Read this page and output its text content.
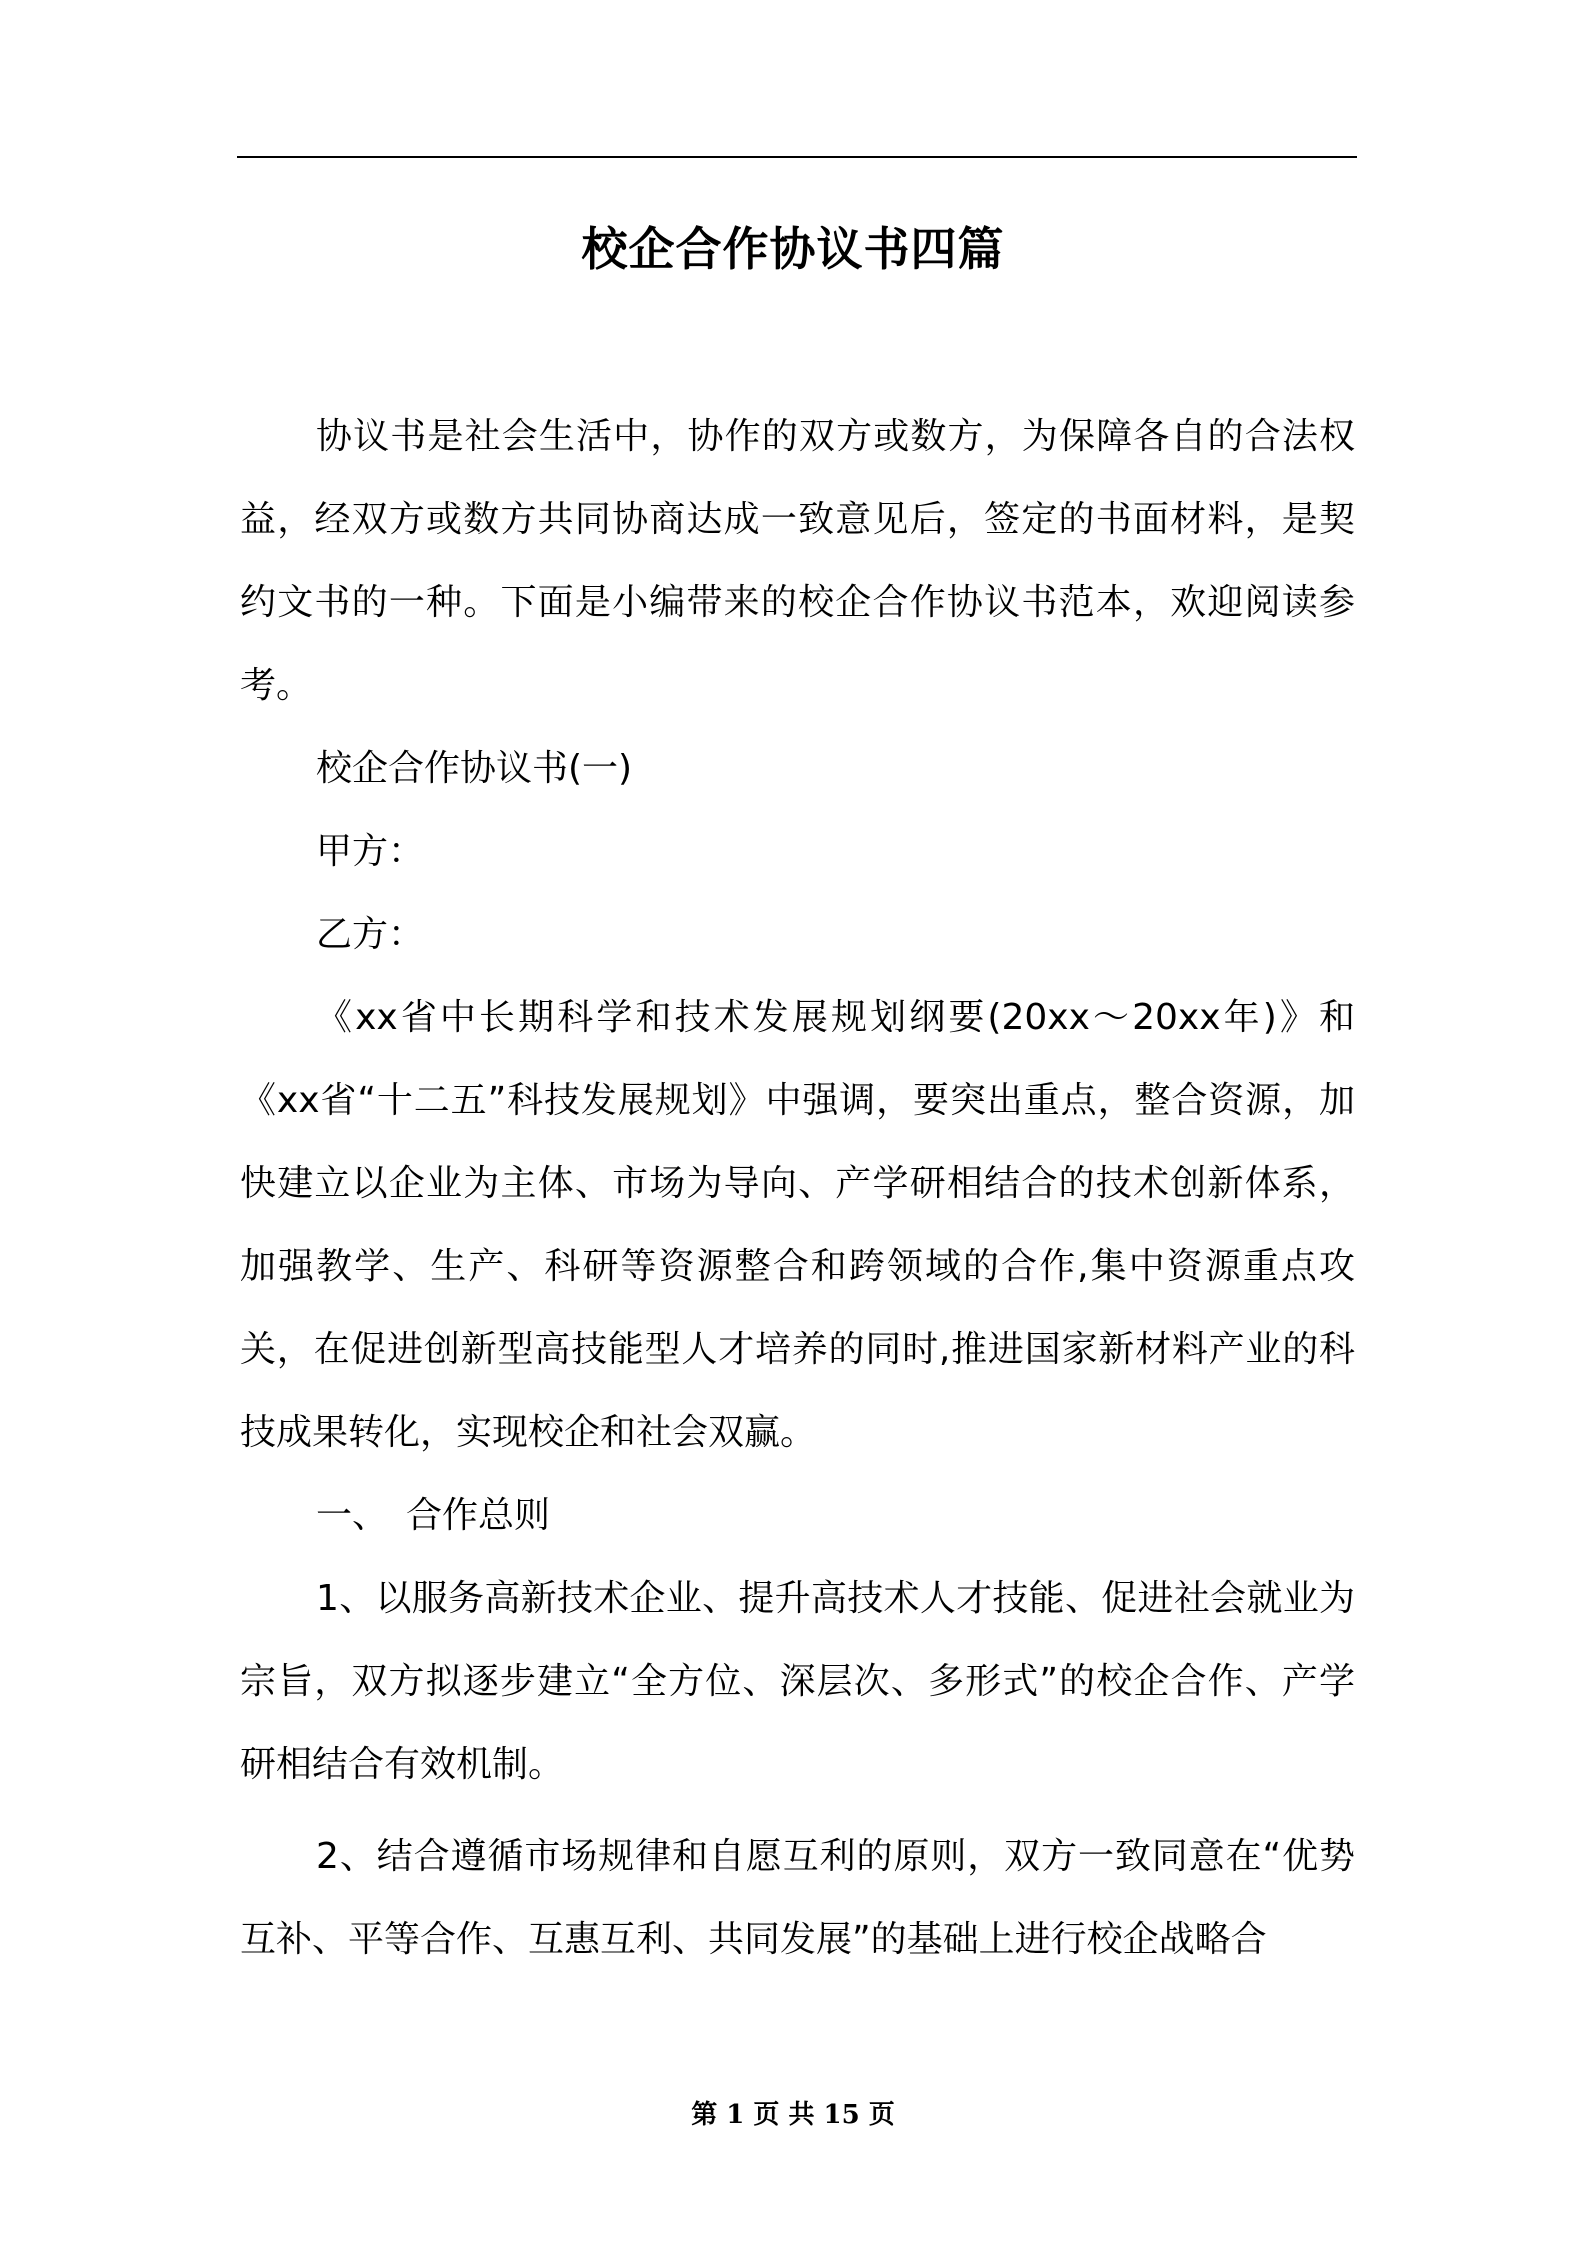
校企合作协议书四篇

协议书是社会生活中，协作的双方或数方，为保障各自的合法权益，经双方或数方共同协商达成一致意见后，签定的书面材料，是契约文书的一种。下面是小编带来的校企合作协议书范本，欢迎阅读参考。

校企合作协议书(一)

甲方：

乙方：

《xx省中长期科学和技术发展规划纲要(20xx～20xx年)》和《xx省“十二五”科技发展规划》中强调，要突出重点，整合资源，加快建立以企业为主体、市场为导向、产学研相结合的技术创新体系，加强教学、生产、科研等资源整合和跨领域的合作,集中资源重点攻关，在促进创新型高技能型人才培养的同时,推进国家新材料产业的科技成果转化，实现校企和社会双赢。

一、　合作总则

1、以服务高新技术企业、提升高技术人才技能、促进社会就业为宗旨，双方拟逐步建立“全方位、深层次、多形式”的校企合作、产学研相结合有效机制。

2、结合遵循市场规律和自愿互利的原则，双方一致同意在“优势互补、平等合作、互惠互利、共同发展”的基础上进行校企战略合

第 1 页 共 15 页
